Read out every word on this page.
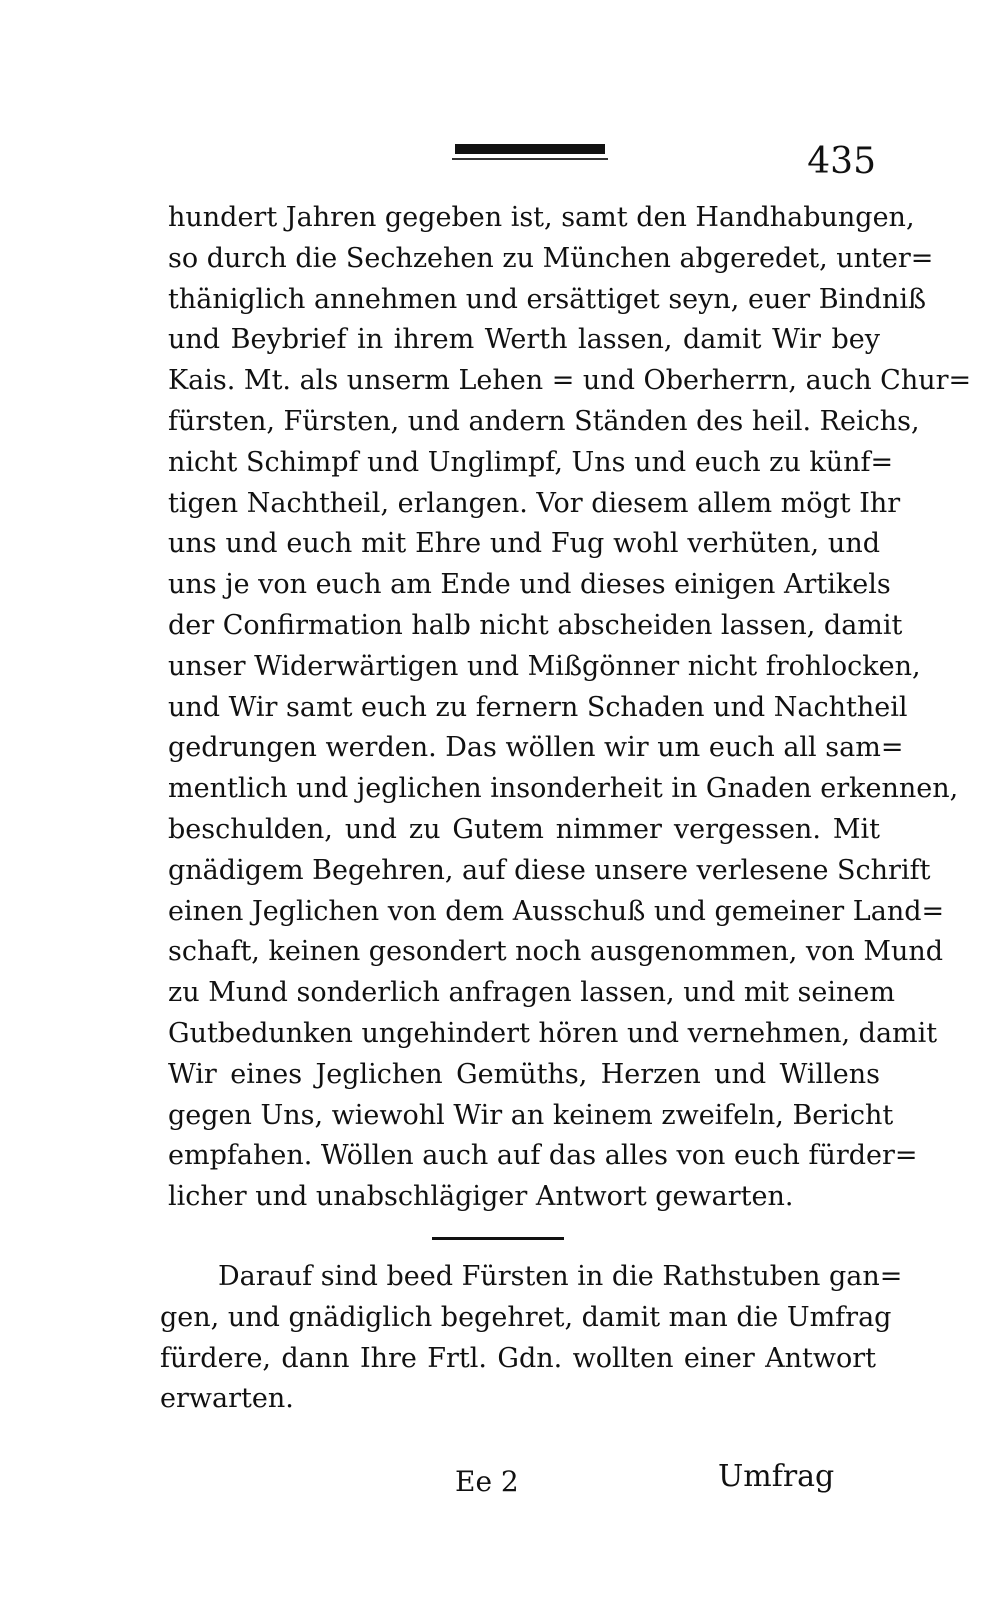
435
hundert Jahren gegeben ist, samt den Handhabungen,
so durch die Sechzehen zu München abgeredet, unter=
thäniglich annehmen und ersättiget seyn, euer Bindniß
und Beybrief in ihrem Werth lassen, damit Wir bey
Kais. Mt. als unserm Lehen = und Oberherrn, auch Chur=
fürsten, Fürsten, und andern Ständen des heil. Reichs,
nicht Schimpf und Unglimpf, Uns und euch zu künf=
tigen Nachtheil, erlangen. Vor diesem allem mögt Ihr
uns und euch mit Ehre und Fug wohl verhüten, und
uns je von euch am Ende und dieses einigen Artikels
der Confirmation halb nicht abscheiden lassen, damit
unser Widerwärtigen und Mißgönner nicht frohlocken,
und Wir samt euch zu fernern Schaden und Nachtheil
gedrungen werden. Das wöllen wir um euch all sam=
mentlich und jeglichen insonderheit in Gnaden erkennen,
beschulden, und zu Gutem nimmer vergessen. Mit
gnädigem Begehren, auf diese unsere verlesene Schrift
einen Jeglichen von dem Ausschuß und gemeiner Land=
schaft, keinen gesondert noch ausgenommen, von Mund
zu Mund sonderlich anfragen lassen, und mit seinem
Gutbedunken ungehindert hören und vernehmen, damit
Wir eines Jeglichen Gemüths, Herzen und Willens
gegen Uns, wiewohl Wir an keinem zweifeln, Bericht
empfahen. Wöllen auch auf das alles von euch fürder=
licher und unabschlägiger Antwort gewarten.
Darauf sind beed Fürsten in die Rathstuben gan=
gen, und gnädiglich begehret, damit man die Umfrag
fürdere, dann Ihre Frtl. Gdn. wollten einer Antwort
erwarten.
Ee 2	Umfrag
